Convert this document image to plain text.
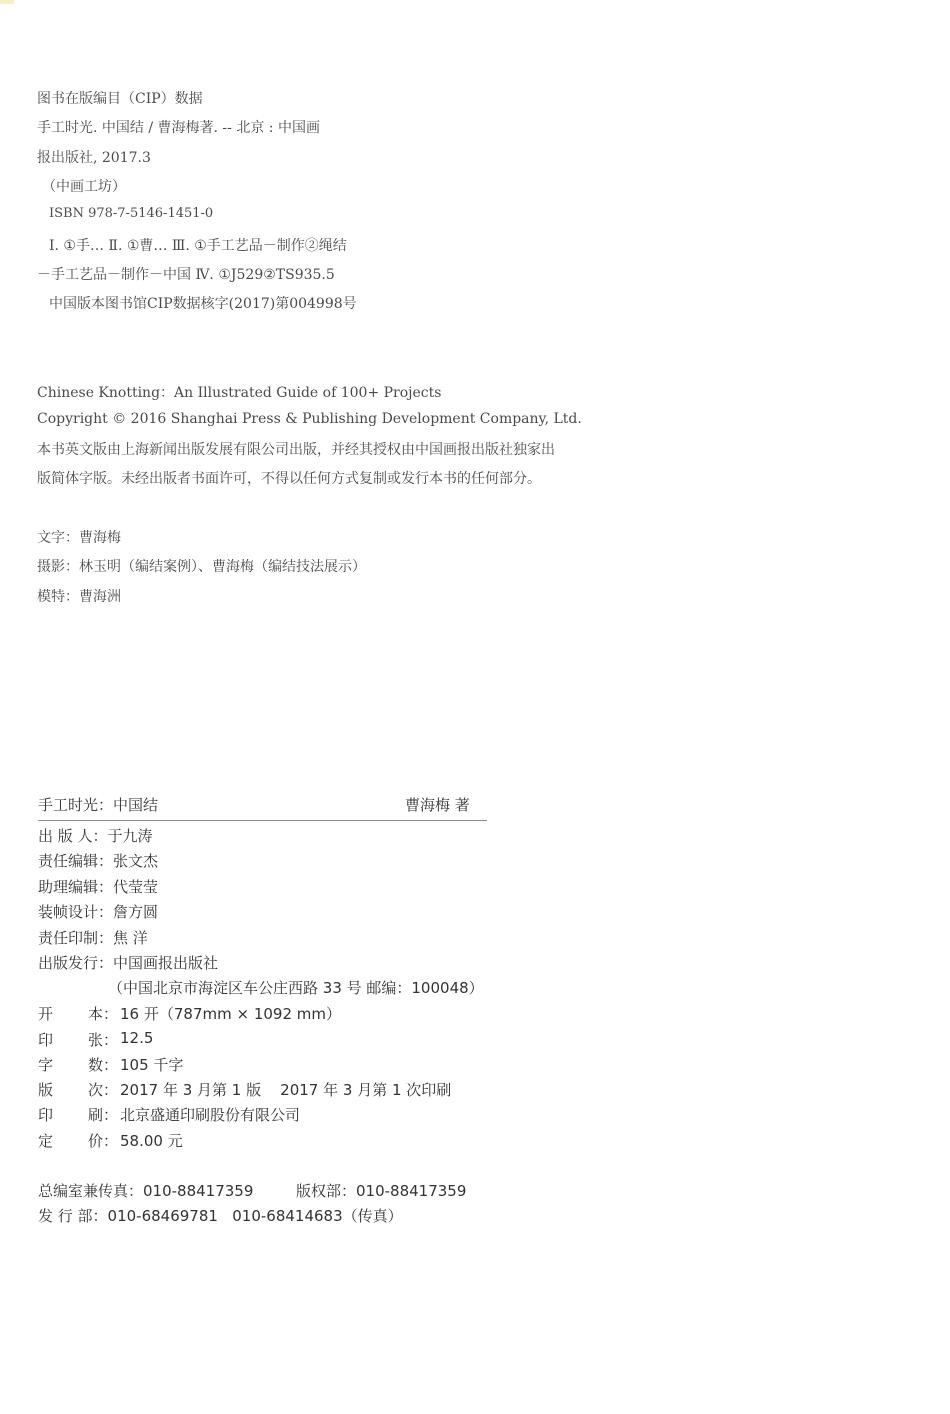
图书在版编目（CIP）数据
手工时光. 中国结 / 曹海梅著. -- 北京 : 中国画
报出版社, 2017.3
（中画工坊）
ISBN 978-7-5146-1451-0
Ⅰ. ①手… Ⅱ. ①曹… Ⅲ. ①手工艺品－制作②绳结
－手工艺品－制作－中国 Ⅳ. ①J529②TS935.5
中国版本图书馆CIP数据核字(2017)第004998号
Chinese Knotting：An Illustrated Guide of 100+ Projects
Copyright © 2016 Shanghai Press & Publishing Development Company, Ltd.
本书英文版由上海新闻出版发展有限公司出版，并经其授权由中国画报出版社独家出
版简体字版。未经出版者书面许可，不得以任何方式复制或发行本书的任何部分。
文字：曹海梅
摄影：林玉明（编结案例）、曹海梅（编结技法展示）
模特：曹海洲
手工时光：中国结	曹海梅 著
出 版 人：于九涛
责任编辑：张文杰
助理编辑：代莹莹
装帧设计：詹方圆
责任印制：焦 洋
出版发行：中国画报出版社
（中国北京市海淀区车公庄西路 33 号 邮编：100048）
开 本： 16 开（787mm × 1092 mm）
印 张： 12.5
字 数： 105 千字
版 次： 2017 年 3 月第 1 版    2017 年 3 月第 1 次印刷
印 刷： 北京盛通印刷股份有限公司
定 价： 58.00 元
总编室兼传真：010-88417359	版权部：010-88417359
发 行 部：010-68469781   010-68414683（传真）
